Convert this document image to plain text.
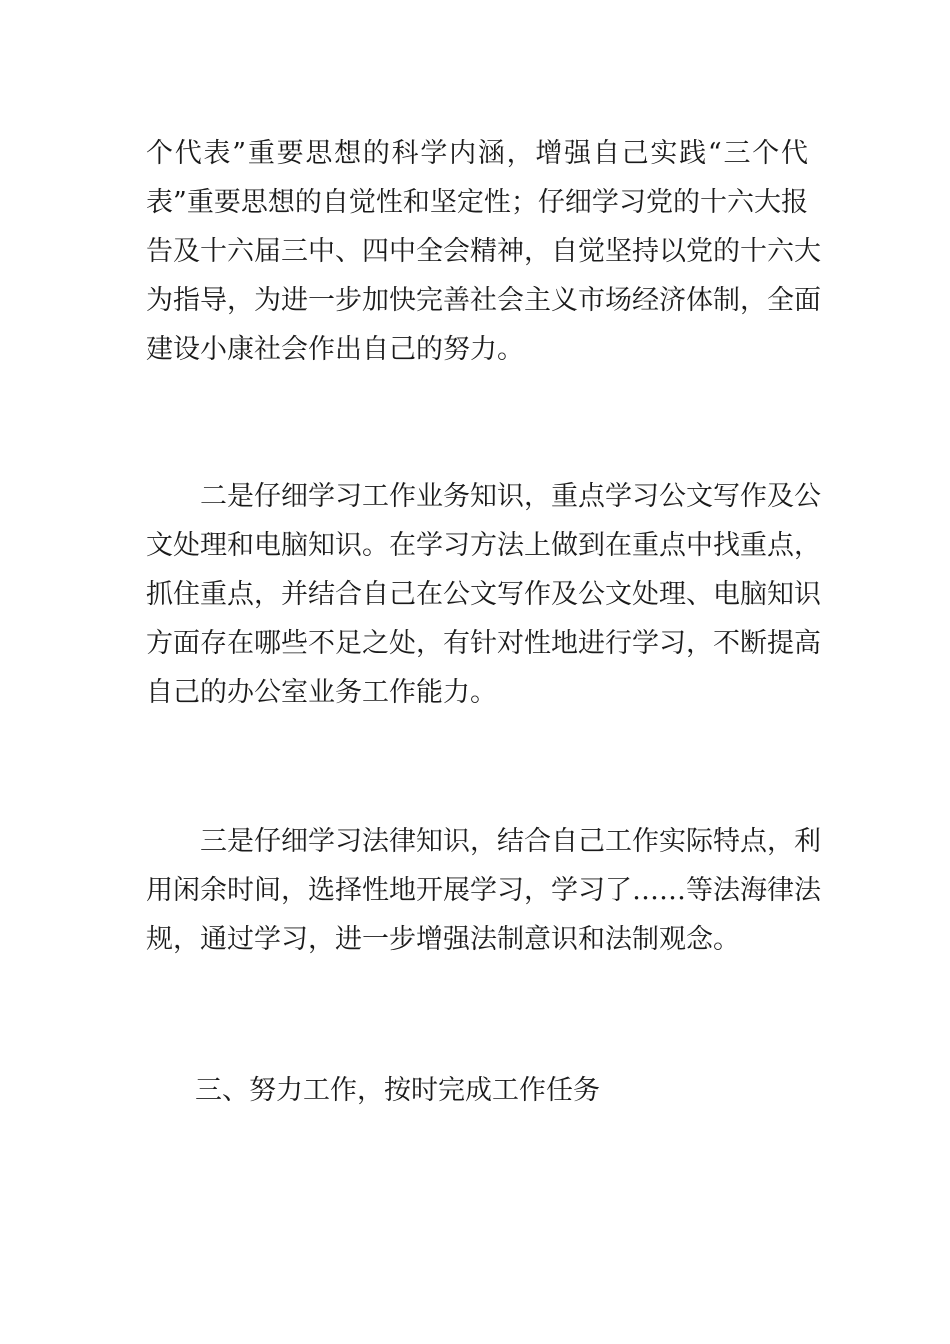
个代表”重要思想的科学内涵，增强自己实践“三个代
表”重要思想的自觉性和坚定性；仔细学习党的十六大报
告及十六届三中、四中全会精神，自觉坚持以党的十六大
为指导，为进一步加快完善社会主义市场经济体制，全面
建设小康社会作出自己的努力。
二是仔细学习工作业务知识，重点学习公文写作及公
文处理和电脑知识。在学习方法上做到在重点中找重点，
抓住重点，并结合自己在公文写作及公文处理、电脑知识
方面存在哪些不足之处，有针对性地进行学习，不断提高
自己的办公室业务工作能力。
三是仔细学习法律知识，结合自己工作实际特点，利
用闲余时间，选择性地开展学习，学习了……等法海律法
规，通过学习，进一步增强法制意识和法制观念。
三、努力工作，按时完成工作任务
